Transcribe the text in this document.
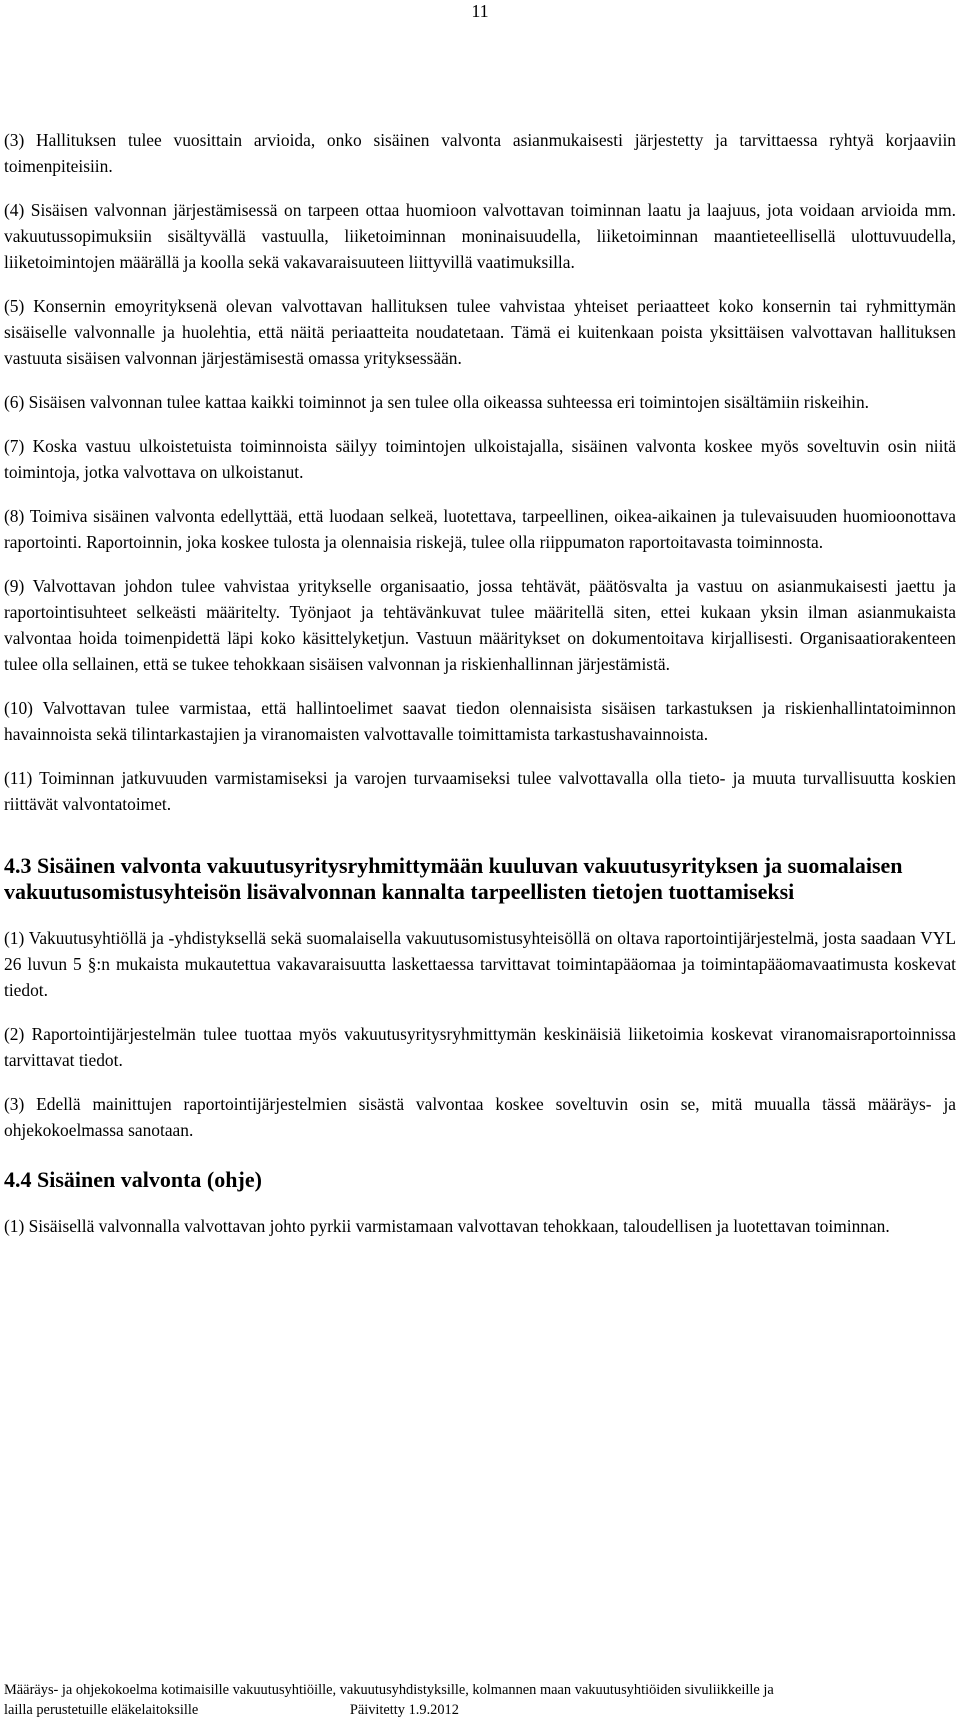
11

(3) Hallituksen tulee vuosittain arvioida, onko sisäinen valvonta asianmukaisesti järjestetty ja tarvittaessa ryhtyä korjaaviin toimenpiteisiin.

(4) Sisäisen valvonnan järjestämisessä on tarpeen ottaa huomioon valvottavan toiminnan laatu ja laajuus, jota voidaan arvioida mm. vakuutussopimuksiin sisältyvällä vastuulla, liiketoiminnan moninaisuudella, liiketoiminnan maantieteellisellä ulottuvuudella, liiketoimintojen määrällä ja koolla sekä vakavaraisuuteen liittyvillä vaatimuksilla.

(5) Konsernin emoyrityksenä olevan valvottavan hallituksen tulee vahvistaa yhteiset periaatteet koko konsernin tai ryhmittymän sisäiselle valvonnalle ja huolehtia, että näitä periaatteita noudatetaan. Tämä ei kuitenkaan poista yksittäisen valvottavan hallituksen vastuuta sisäisen valvonnan järjestämisestä omassa yrityksessään.

(6) Sisäisen valvonnan tulee kattaa kaikki toiminnot ja sen tulee olla oikeassa suhteessa eri toimintojen sisältämiin riskeihin.

(7) Koska vastuu ulkoistetuista toiminnoista säilyy toimintojen ulkoistajalla, sisäinen valvonta koskee myös soveltuvin osin niitä toimintoja, jotka valvottava on ulkoistanut.

(8) Toimiva sisäinen valvonta edellyttää, että luodaan selkeä, luotettava, tarpeellinen, oikea-aikainen ja tulevaisuuden huomioonottava raportointi. Raportoinnin, joka koskee tulosta ja olennaisia riskejä, tulee olla riippumaton raportoitavasta toiminnosta.

(9) Valvottavan johdon tulee vahvistaa yritykselle organisaatio, jossa tehtävät, päätösvalta ja vastuu on asianmukaisesti jaettu ja raportointisuhteet selkeästi määritelty. Työnjaot ja tehtävänkuvat tulee määritellä siten, ettei kukaan yksin ilman asianmukaista valvontaa hoida toimenpidettä läpi koko käsittelyketjun. Vastuun määritykset on dokumentoitava kirjallisesti. Organisaatiorakenteen tulee olla sellainen, että se tukee tehokkaan sisäisen valvonnan ja riskienhallinnan järjestämistä.

(10) Valvottavan tulee varmistaa, että hallintoelimet saavat tiedon olennaisista sisäisen tarkastuksen ja riskienhallintatoiminnon havainnoista sekä tilintarkastajien ja viranomaisten valvottavalle toimittamista tarkastushavainnoista.

(11) Toiminnan jatkuvuuden varmistamiseksi ja varojen turvaamiseksi tulee valvottavalla olla tieto- ja muuta turvallisuutta koskien riittävät valvontatoimet.

4.3 Sisäinen valvonta vakuutusyritysryhmittymään kuuluvan vakuutusyrityksen ja suomalaisen vakuutusomistusyhteisön lisävalvonnan kannalta tarpeellisten tietojen tuottamiseksi

(1) Vakuutusyhtiöllä ja -yhdistyksellä sekä suomalaisella vakuutusomistusyhteisöllä on oltava raportointijärjestelmä, josta saadaan VYL 26 luvun 5 §:n mukaista mukautettua vakavaraisuutta laskettaessa tarvittavat toimintapääomaa ja toimintapääomavaatimusta koskevat tiedot.

(2) Raportointijärjestelmän tulee tuottaa myös vakuutusyritysryhmittymän keskinäisiä liiketoimia koskevat viranomaisraportoinnissa tarvittavat tiedot.

(3) Edellä mainittujen raportointijärjestelmien sisästä valvontaa koskee soveltuvin osin se, mitä muualla tässä määräys- ja ohjekokoelmassa sanotaan.

4.4 Sisäinen valvonta (ohje)

(1) Sisäisellä valvonnalla valvottavan johto pyrkii varmistamaan valvottavan tehokkaan, taloudellisen ja luotettavan toiminnan.

Määräys- ja ohjekokoelma kotimaisille vakuutusyhtiöille, vakuutusyhdistyksille, kolmannen maan vakuutusyhtiöiden sivuliikkeille ja
lailla perustetuille eläkelaitoksille	Päivitetty 1.9.2012
